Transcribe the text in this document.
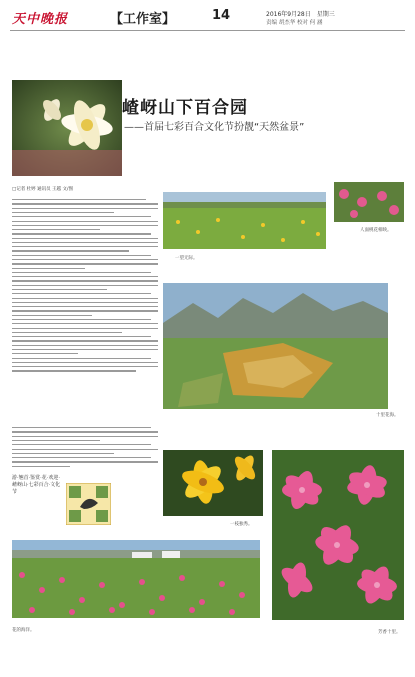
天中晚报	【工作室】	14	2016年9月28日　星期三
责编 胡杰华 校对 何 涵
嵖岈山下百合园
——首届七彩百合文化节扮靓“天然盆景”
□记者 杜婷 通讯员 王越 文/图
一望无际。
人面桃花相映。
十里花海。
一枝独秀。
芳香十里。
游·翘首·鉴赏·花·欢迎·嵖岈山·七彩百合·文化节
花的海洋。
